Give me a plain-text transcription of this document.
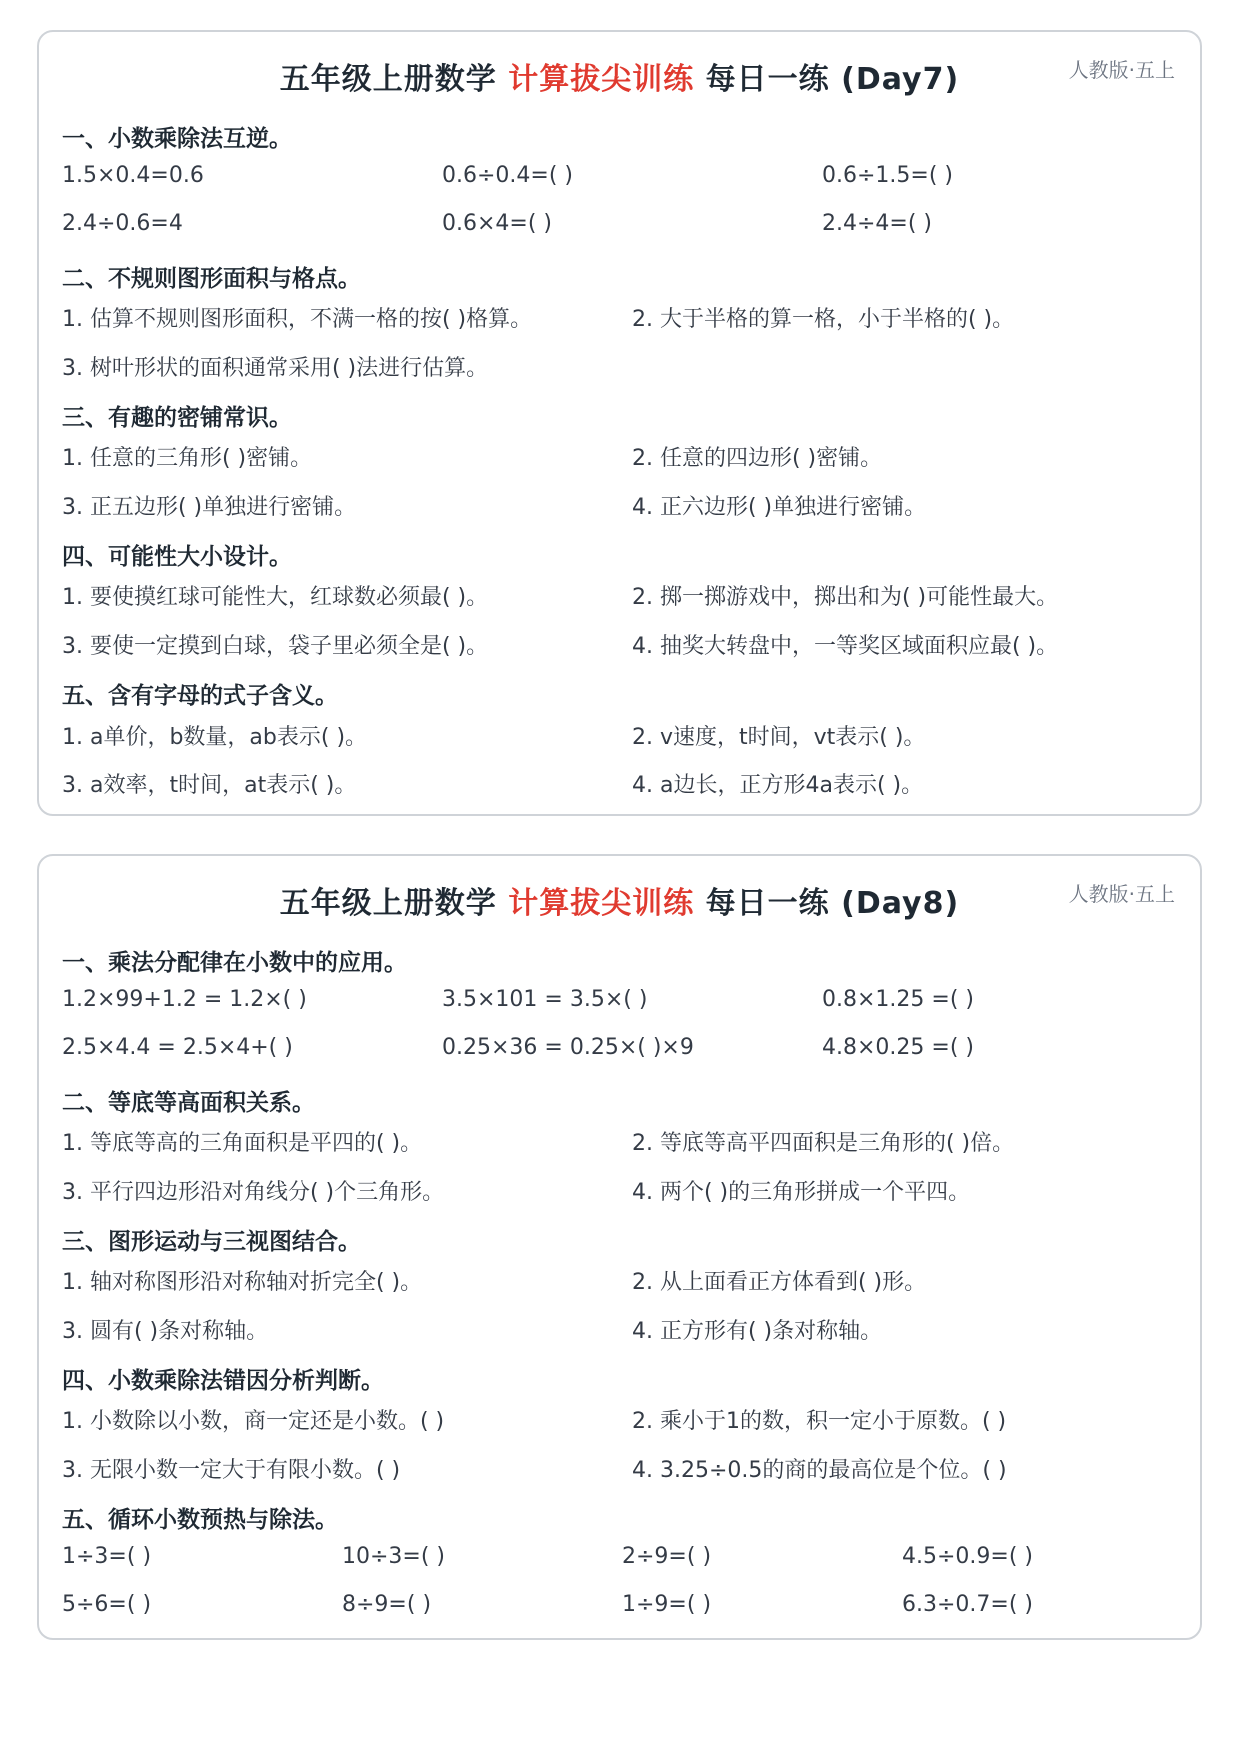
五年级上册数学 计算拔尖训练 每日一练 (Day7)	人教版·五上
一、小数乘除法互逆。
1.5×0.4=0.6	0.6÷0.4=( )	0.6÷1.5=( )
2.4÷0.6=4	0.6×4=( )	2.4÷4=( )
二、不规则图形面积与格点。
1. 估算不规则图形面积，不满一格的按( )格算。	2. 大于半格的算一格，小于半格的( )。
3. 树叶形状的面积通常采用( )法进行估算。
三、有趣的密铺常识。
1. 任意的三角形( )密铺。	2. 任意的四边形( )密铺。
3. 正五边形( )单独进行密铺。	4. 正六边形( )单独进行密铺。
四、可能性大小设计。
1. 要使摸红球可能性大，红球数必须最( )。	2. 掷一掷游戏中，掷出和为( )可能性最大。
3. 要使一定摸到白球，袋子里必须全是( )。	4. 抽奖大转盘中，一等奖区域面积应最( )。
五、含有字母的式子含义。
1. a单价，b数量，ab表示( )。	2. v速度，t时间，vt表示( )。
3. a效率，t时间，at表示( )。	4. a边长，正方形4a表示( )。
五年级上册数学 计算拔尖训练 每日一练 (Day8)	人教版·五上
一、乘法分配律在小数中的应用。
1.2×99+1.2 = 1.2×( )	3.5×101 = 3.5×( )	0.8×1.25 =( )
2.5×4.4 = 2.5×4+( )	0.25×36 = 0.25×( )×9	4.8×0.25 =( )
二、等底等高面积关系。
1. 等底等高的三角面积是平四的( )。	2. 等底等高平四面积是三角形的( )倍。
3. 平行四边形沿对角线分( )个三角形。	4. 两个( )的三角形拼成一个平四。
三、图形运动与三视图结合。
1. 轴对称图形沿对称轴对折完全( )。	2. 从上面看正方体看到( )形。
3. 圆有( )条对称轴。	4. 正方形有( )条对称轴。
四、小数乘除法错因分析判断。
1. 小数除以小数，商一定还是小数。( )	2. 乘小于1的数，积一定小于原数。( )
3. 无限小数一定大于有限小数。( )	4. 3.25÷0.5的商的最高位是个位。( )
五、循环小数预热与除法。
1÷3=( )	10÷3=( )	2÷9=( )	4.5÷0.9=( )
5÷6=( )	8÷9=( )	1÷9=( )	6.3÷0.7=( )
